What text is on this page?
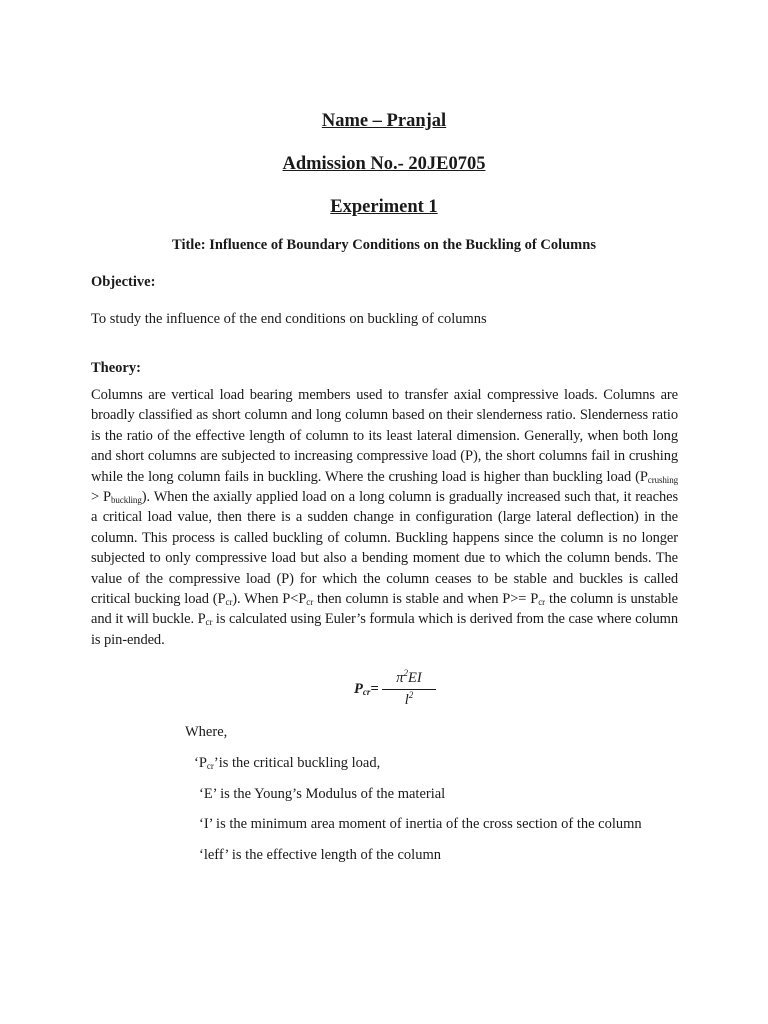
Name – Pranjal
Admission No.- 20JE0705
Experiment 1
Title: Influence of Boundary Conditions on the Buckling of Columns
Objective:
To study the influence of the end conditions on buckling of columns
Theory:

Columns are vertical load bearing members used to transfer axial compressive loads. Columns are broadly classified as short column and long column based on their slenderness ratio. Slenderness ratio is the ratio of the effective length of column to its least lateral dimension. Generally, when both long and short columns are subjected to increasing compressive load (P), the short columns fail in crushing while the long column fails in buckling. Where the crushing load is higher than buckling load $(P_{crushing} > P_{buckling})$. When the axially applied load on a long column is gradually increased such that, it reaches a critical load value, then there is a sudden change in configuration (large lateral deflection) in the column. This process is called buckling of column. Buckling happens since the column is no longer subjected to only compressive load but also a bending moment due to which the column bends. The value of the compressive load (P) for which the column ceases to be stable and buckles is called critical bucking load $(P_{cr})$. When $P<P_{cr}$ then column is stable and when $P>= P_{cr}$ the column is unstable and it will buckle. $P_{cr}$ is calculated using Euler’s formula which is derived from the case where column is pin-ended.

$P_{cr}=$
$\pi^2EI$
$l^2$
Where,
‘$P_{cr}’is$ the critical buckling load,
‘E’ is the Young’s Modulus of the material
‘I’ is the minimum area moment of inertia of the cross section of the column
‘leff’ is the effective length of the column
